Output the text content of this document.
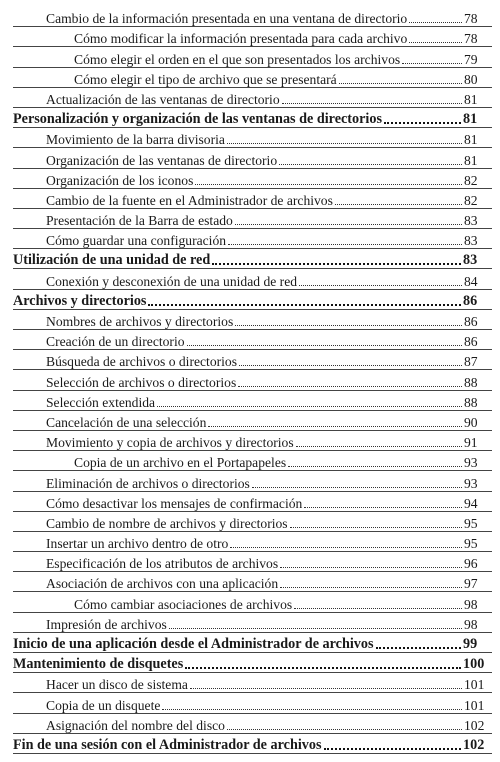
Cambio de la información presentada en una ventana de directorio	78
Cómo modificar la información presentada para cada archivo	78
Cómo elegir el orden en el que son presentados los archivos	79
Cómo elegir el tipo de archivo que se presentará	80
Actualización de las ventanas de directorio	81
Personalización y organización de las ventanas de directorios	81
Movimiento de la barra divisoria	81
Organización de las ventanas de directorio	81
Organización de los iconos	82
Cambio de la fuente en el Administrador de archivos	82
Presentación de la Barra de estado	83
Cómo guardar una configuración	83
Utilización de una unidad de red	83
Conexión y desconexión de una unidad de red	84
Archivos y directorios	86
Nombres de archivos y directorios	86
Creación de un directorio	86
Búsqueda de archivos o directorios	87
Selección de archivos o directorios	88
Selección extendida	88
Cancelación de una selección	90
Movimiento y copia de archivos y directorios	91
Copia de un archivo en el Portapapeles	93
Eliminación de archivos o directorios	93
Cómo desactivar los mensajes de confirmación	94
Cambio de nombre de archivos y directorios	95
Insertar un archivo dentro de otro	95
Especificación de los atributos de archivos	96
Asociación de archivos con una aplicación	97
Cómo cambiar asociaciones de archivos	98
Impresión de archivos	98
Inicio de una aplicación desde el Administrador de archivos	99
Mantenimiento de disquetes	100
Hacer un disco de sistema	101
Copia de un disquete	101
Asignación del nombre del disco	102
Fin de una sesión con el Administrador de archivos	102
